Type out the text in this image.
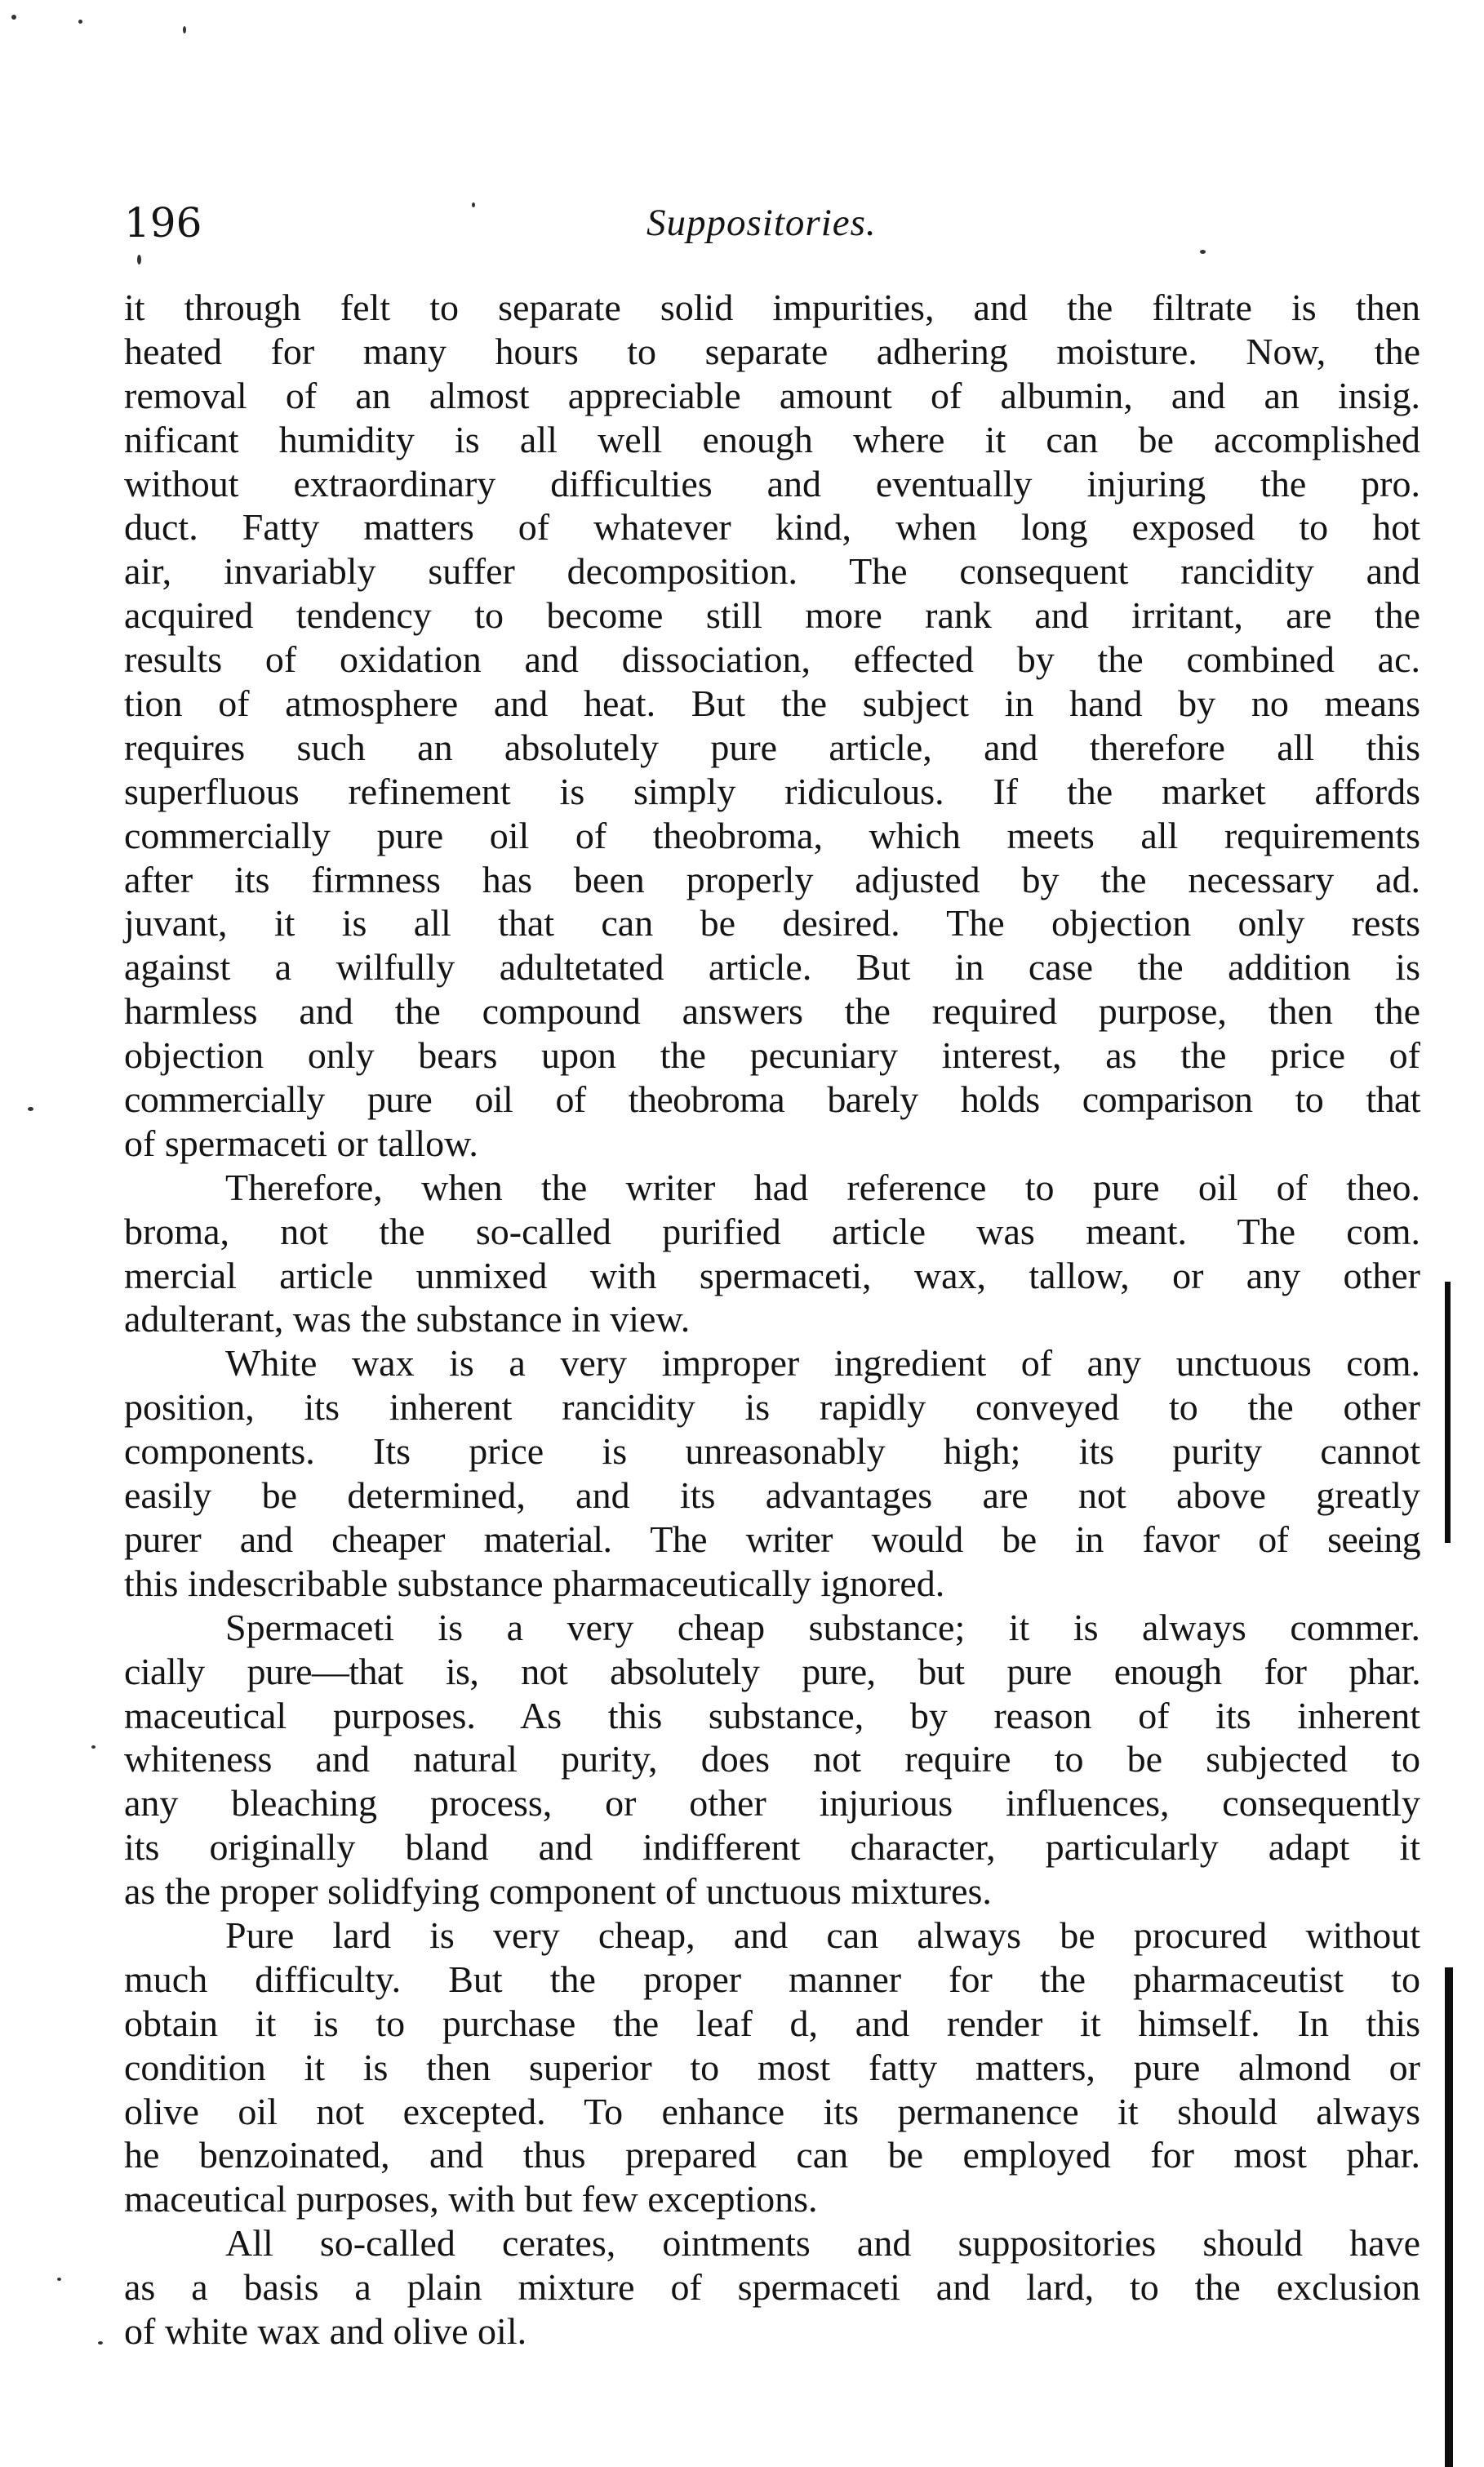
196	Suppositories.
it through felt to separate solid impurities, and the filtrate is then
heated for many hours to separate adhering moisture. Now, the
removal of an almost appreciable amount of albumin, and an insig.
nificant humidity is all well enough where it can be accomplished
without extraordinary difficulties and eventually injuring the pro.
duct. Fatty matters of whatever kind, when long exposed to hot
air, invariably suffer decomposition. The consequent rancidity and
acquired tendency to become still more rank and irritant, are the
results of oxidation and dissociation, effected by the combined ac.
tion of atmosphere and heat. But the subject in hand by no means
requires such an absolutely pure article, and therefore all this
superfluous refinement is simply ridiculous. If the market affords
commercially pure oil of theobroma, which meets all requirements
after its firmness has been properly adjusted by the necessary ad.
juvant, it is all that can be desired. The objection only rests
against a wilfully adultetated article. But in case the addition is
harmless and the compound answers the required purpose, then the
objection only bears upon the pecuniary interest, as the price of
commercially pure oil of theobroma barely holds comparison to that
of spermaceti or tallow.
Therefore, when the writer had reference to pure oil of theo.
broma, not the so-called purified article was meant. The com.
mercial article unmixed with spermaceti, wax, tallow, or any other
adulterant, was the substance in view.
White wax is a very improper ingredient of any unctuous com.
position, its inherent rancidity is rapidly conveyed to the other
components. Its price is unreasonably high; its purity cannot
easily be determined, and its advantages are not above greatly
purer and cheaper material. The writer would be in favor of seeing
this indescribable substance pharmaceutically ignored.
Spermaceti is a very cheap substance; it is always commer.
cially pure—that is, not absolutely pure, but pure enough for phar.
maceutical purposes. As this substance, by reason of its inherent
whiteness and natural purity, does not require to be subjected to
any bleaching process, or other injurious influences, consequently
its originally bland and indifferent character, particularly adapt it
as the proper solidfying component of unctuous mixtures.
Pure lard is very cheap, and can always be procured without
much difficulty. But the proper manner for the pharmaceutist to
obtain it is to purchase the leaf d, and render it himself. In this
condition it is then superior to most fatty matters, pure almond or
olive oil not excepted. To enhance its permanence it should always
he benzoinated, and thus prepared can be employed for most phar.
maceutical purposes, with but few exceptions.
All so-called cerates, ointments and suppositories should have
as a basis a plain mixture of spermaceti and lard, to the exclusion
of white wax and olive oil.
